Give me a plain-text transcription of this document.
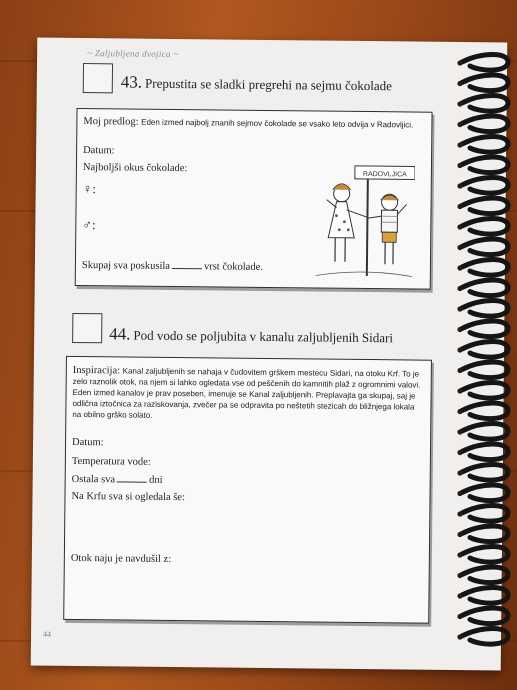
~ Zaljubljena dvojica ~
43. Prepustita se sladki pregrehi na sejmu čokolade
Moj predlog: Eden izmed najbolj znanih sejmov čokolade se vsako leto odvija v Radovljici.
Datum:
Najboljši okus čokolade:
♀:
♂:
Skupaj sva poskusila	vrst čokolade.
RADOVLJICA
44. Pod vodo se poljubita v kanalu zaljubljenih Sidari
Inspiracija: Kanal zaljubljenih se nahaja v čudovitem grškem mestecu Sidari, na otoku Krf. To je zelo raznolik otok, na njem si lahko ogledata vse od peščenih do kamnitih plaž z ogromnimi valovi. Eden izmed kanalov je prav poseben, imenuje se Kanal zaljubljenih. Preplavajta ga skupaj, saj je odlična iztočnica za raziskovanja, zvečer pa se odpravita po neštetih stezicah do bližnjega lokala na obilno grško solato.
Datum:
Temperatura vode:
Ostala sva	dni
Na Krfu sva si ogledala še:
Otok naju je navdušil z:
44
